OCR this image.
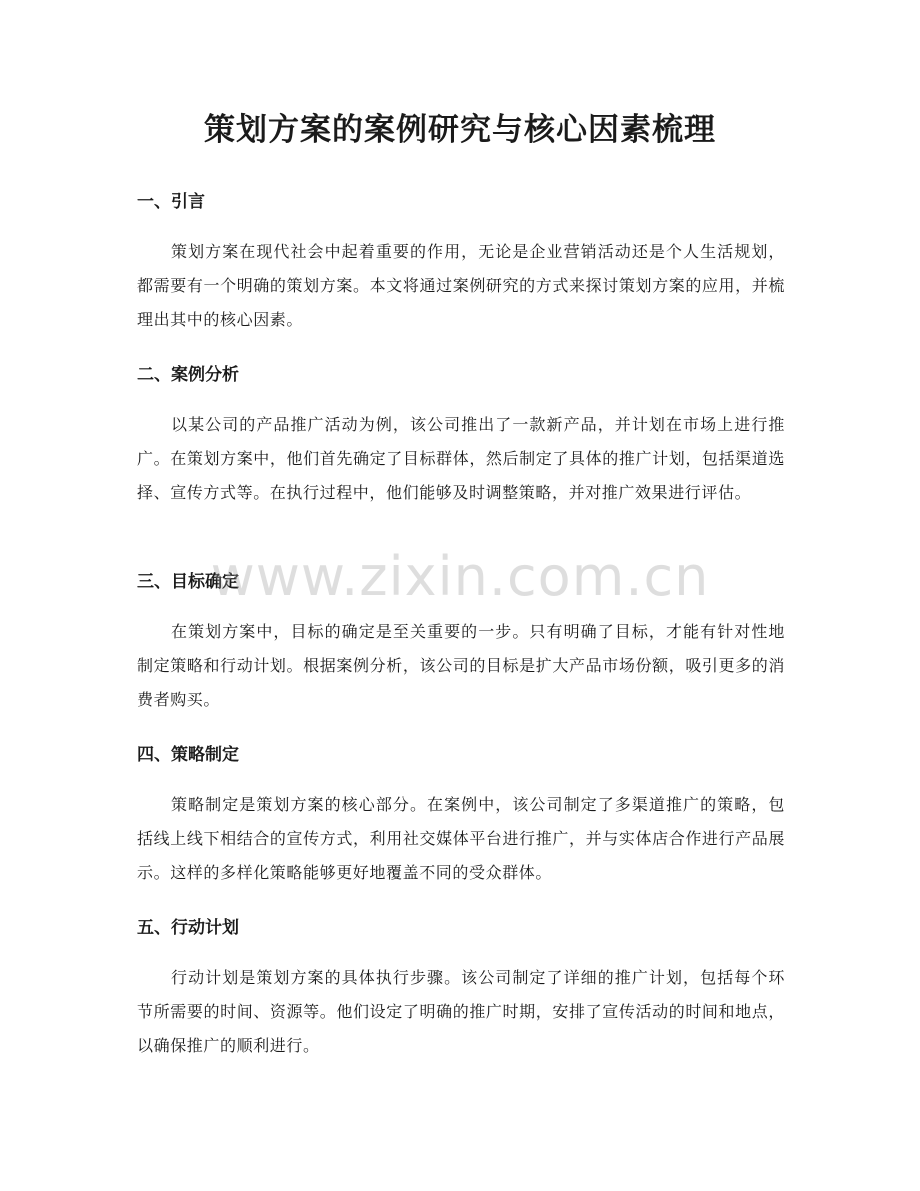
策划方案的案例研究与核心因素梳理
一、引言
策划方案在现代社会中起着重要的作用，无论是企业营销活动还是个人生活规划，都需要有一个明确的策划方案。本文将通过案例研究的方式来探讨策划方案的应用，并梳理出其中的核心因素。
二、案例分析
以某公司的产品推广活动为例，该公司推出了一款新产品，并计划在市场上进行推广。在策划方案中，他们首先确定了目标群体，然后制定了具体的推广计划，包括渠道选择、宣传方式等。在执行过程中，他们能够及时调整策略，并对推广效果进行评估。
三、目标确定
在策划方案中，目标的确定是至关重要的一步。只有明确了目标，才能有针对性地制定策略和行动计划。根据案例分析，该公司的目标是扩大产品市场份额，吸引更多的消费者购买。
四、策略制定
策略制定是策划方案的核心部分。在案例中，该公司制定了多渠道推广的策略，包括线上线下相结合的宣传方式，利用社交媒体平台进行推广，并与实体店合作进行产品展示。这样的多样化策略能够更好地覆盖不同的受众群体。
五、行动计划
行动计划是策划方案的具体执行步骤。该公司制定了详细的推广计划，包括每个环节所需要的时间、资源等。他们设定了明确的推广时期，安排了宣传活动的时间和地点，以确保推广的顺利进行。
www.zixin.com.cn
